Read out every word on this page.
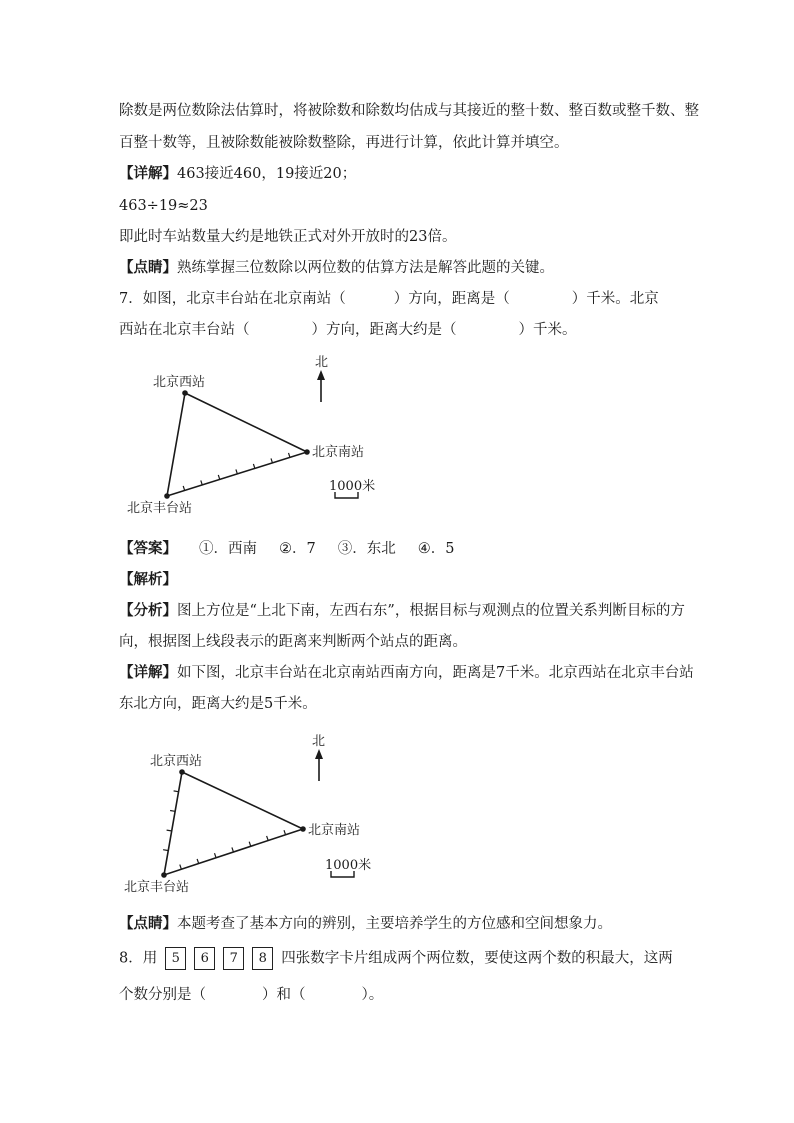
除数是两位数除法估算时，将被除数和除数均估成与其接近的整十数、整百数或整千数、整

百整十数等，且被除数能被除数整除，再进行计算，依此计算并填空。

【详解】463接近460，19接近20；

463÷19≈23

即此时车站数量大约是地铁正式对外开放时的23倍。

【点睛】熟练掌握三位数除以两位数的估算方法是解答此题的关键。

7．如图，北京丰台站在北京南站（	）方向，距离是（	）千米。北京

西站在北京丰台站（	）方向，距离大约是（	）千米。

北
北京西站
北京南站
北京丰台站
1000米

【答案】 ①．西南 ②．7 ③．东北 ④．5

【解析】

【分析】图上方位是“上北下南，左西右东”，根据目标与观测点的位置关系判断目标的方

向，根据图上线段表示的距离来判断两个站点的距离。

【详解】如下图，北京丰台站在北京南站西南方向，距离是7千米。北京西站在北京丰台站

东北方向，距离大约是5千米。

北
北京西站
北京南站
北京丰台站
1000米

【点睛】本题考查了基本方向的辨别，主要培养学生的方位感和空间想象力。

8．用 5 6 7 8 四张数字卡片组成两个两位数，要使这两个数的积最大，这两

个数分别是（	）和（	）。
